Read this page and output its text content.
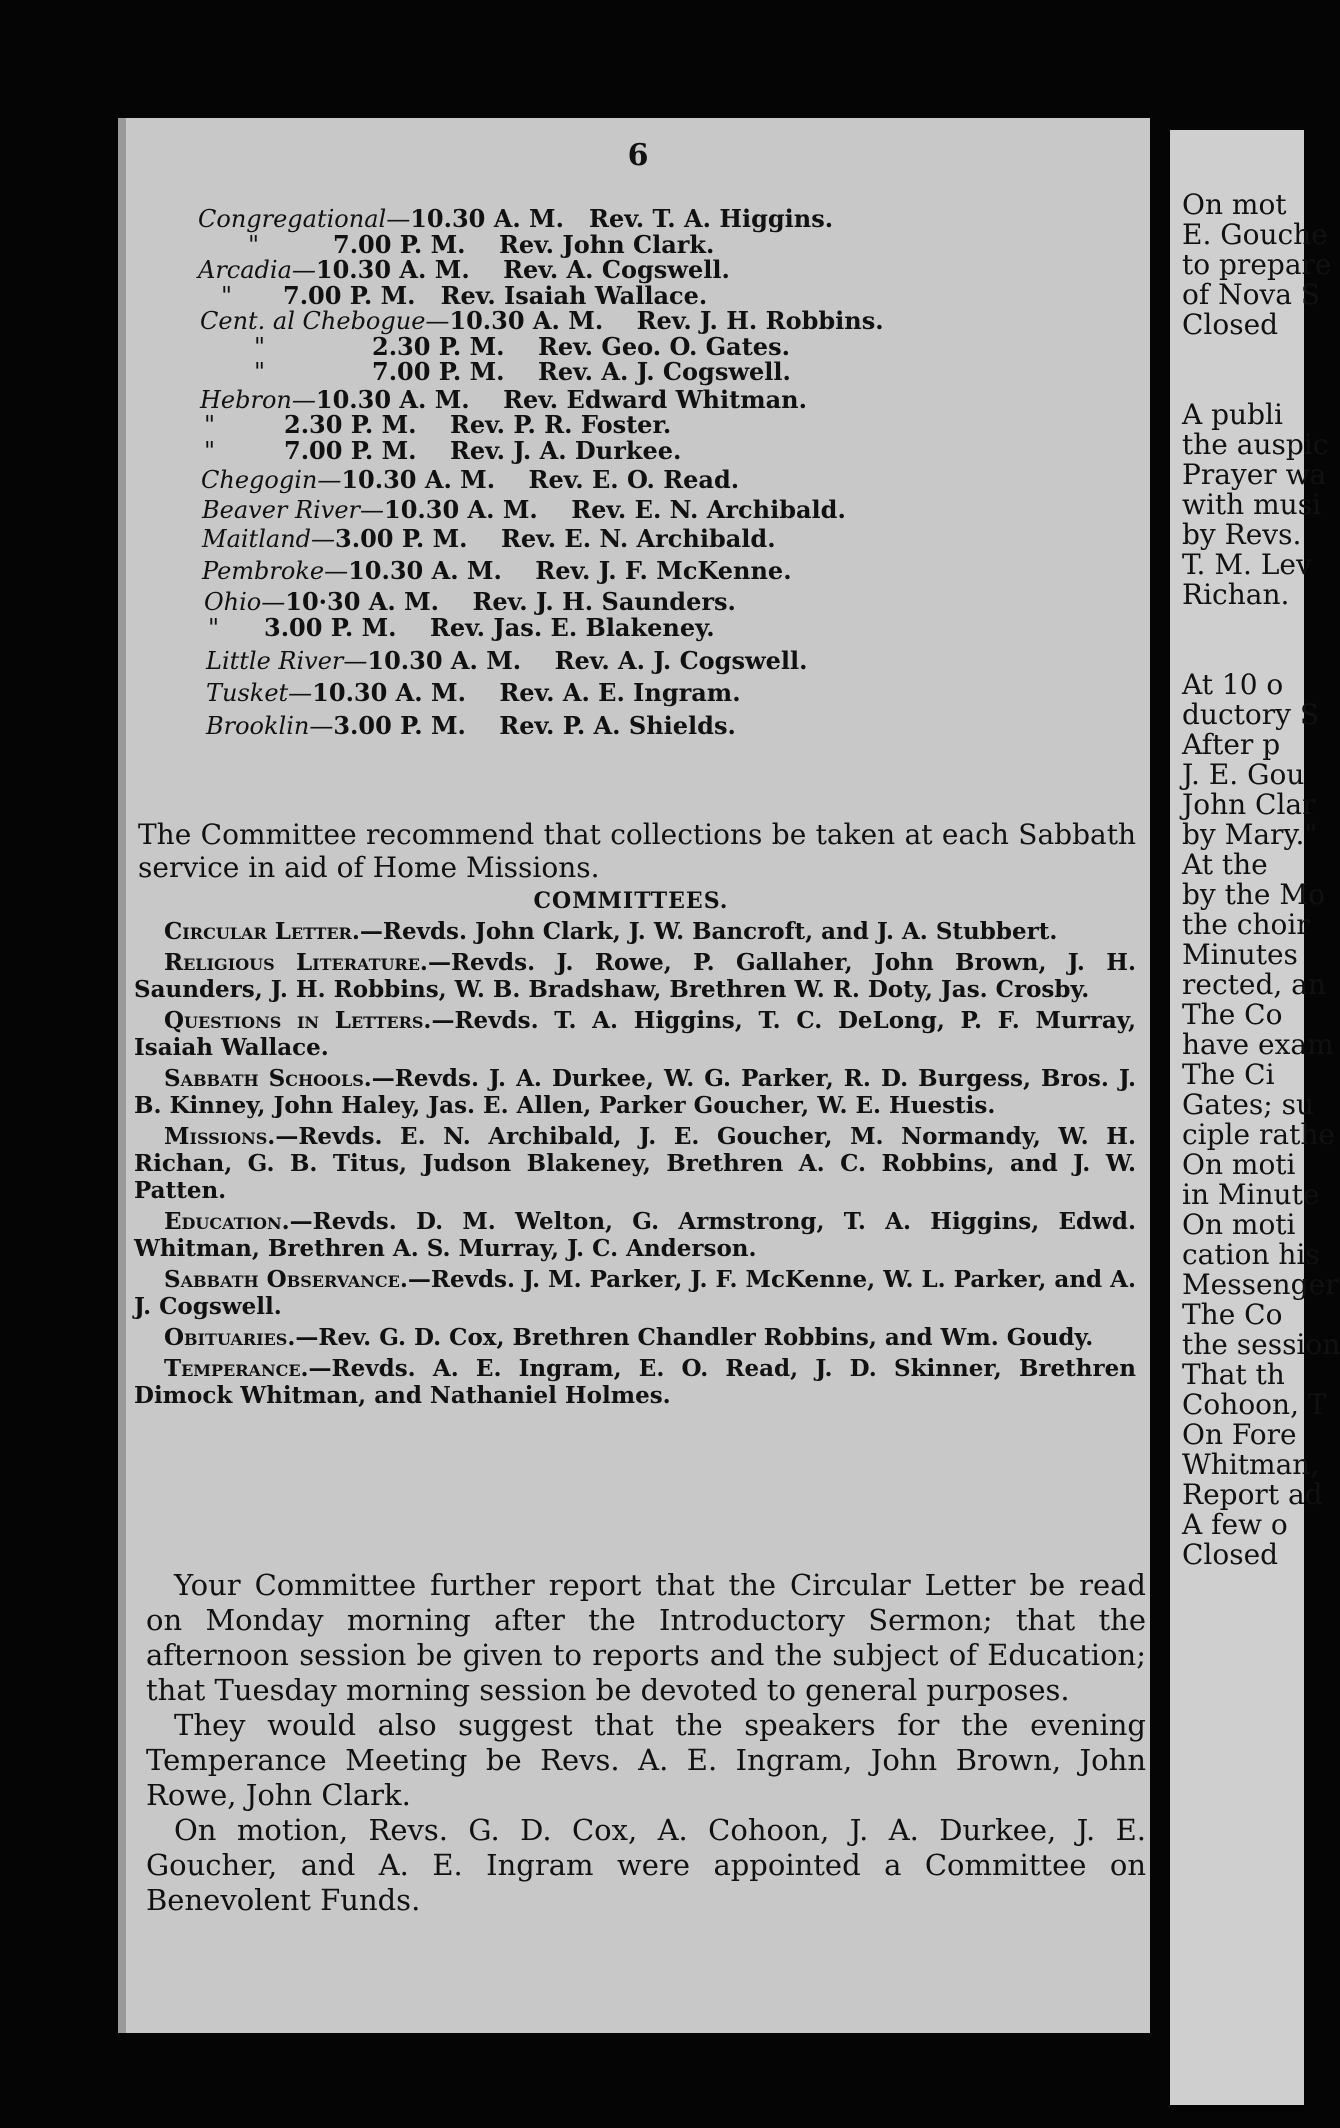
6
Congregational—10.30 A. M. Rev. T. A. Higgins.
"	7.00 P. M. Rev. John Clark.
Arcadia—10.30 A. M. Rev. A. Cogswell.
" 7.00 P. M. Rev. Isaiah Wallace.
Cent. al Chebogue—10.30 A. M. Rev. J. H. Robbins.
"	2.30 P. M. Rev. Geo. O. Gates.
"	7.00 P. M. Rev. A. J. Cogswell.
Hebron—10.30 A. M. Rev. Edward Whitman.
"	2.30 P. M. Rev. P. R. Foster.
"	7.00 P. M. Rev. J. A. Durkee.
Chegogin—10.30 A. M. Rev. E. O. Read.
Beaver River—10.30 A. M. Rev. E. N. Archibald.
Maitland—3.00 P. M. Rev. E. N. Archibald.
Pembroke—10.30 A. M. Rev. J. F. McKenne.
Ohio—10·30 A. M. Rev. J. H. Saunders.
" 3.00 P. M. Rev. Jas. E. Blakeney.
Little River—10.30 A. M. Rev. A. J. Cogswell.
Tusket—10.30 A. M. Rev. A. E. Ingram.
Brooklin—3.00 P. M. Rev. P. A. Shields.

The Committee recommend that collections be taken at each Sabbath service in aid of Home Missions.

COMMITTEES.

Circular Letter.—Revds. John Clark, J. W. Bancroft, and J. A. Stubbert.

Religious Literature.—Revds. J. Rowe, P. Gallaher, John Brown, J. H. Saunders, J. H. Robbins, W. B. Bradshaw, Brethren W. R. Doty, Jas. Crosby.

Questions in Letters.—Revds. T. A. Higgins, T. C. DeLong, P. F. Murray, Isaiah Wallace.

Sabbath Schools.—Revds. J. A. Durkee, W. G. Parker, R. D. Burgess, Bros. J. B. Kinney, John Haley, Jas. E. Allen, Parker Goucher, W. E. Huestis.

Missions.—Revds. E. N. Archibald, J. E. Goucher, M. Normandy, W. H. Richan, G. B. Titus, Judson Blakeney, Brethren A. C. Robbins, and J. W. Patten.

Education.—Revds. D. M. Welton, G. Armstrong, T. A. Higgins, Edwd. Whitman, Brethren A. S. Murray, J. C. Anderson.

Sabbath Observance.—Revds. J. M. Parker, J. F. McKenne, W. L. Parker, and A. J. Cogswell.

Obituaries.—Rev. G. D. Cox, Brethren Chandler Robbins, and Wm. Goudy.

Temperance.—Revds. A. E. Ingram, E. O. Read, J. D. Skinner, Brethren Dimock Whitman, and Nathaniel Holmes.

Your Committee further report that the Circular Letter be read on Monday morning after the Introductory Sermon; that the afternoon session be given to reports and the subject of Education; that Tuesday morning session be devoted to general purposes.

They would also suggest that the speakers for the evening Temperance Meeting be Revs. A. E. Ingram, John Brown, John Rowe, John Clark.

On motion, Revs. G. D. Cox, A. Cohoon, J. A. Durkee, J. E. Goucher, and A. E. Ingram were appointed a Committee on Benevolent Funds.

On mot
E. Gouche
to prepare
of Nova S
Closed
A publi
the auspic
Prayer wa
with musi
by Revs.
T. M. Lev
Richan.
At 10 o
ductory S
After p
J. E. Gou
John Clar
by Mary."
At the
by the Mo
the choir
Minutes
rected, an
The Co
have exam
The Ci
Gates; su
ciple rathe
On moti
in Minute
On moti
cation his
Messenger
The Co
the session
That th
Cohoon, T
On Fore
Whitman,
Report ad
A few o
Closed
